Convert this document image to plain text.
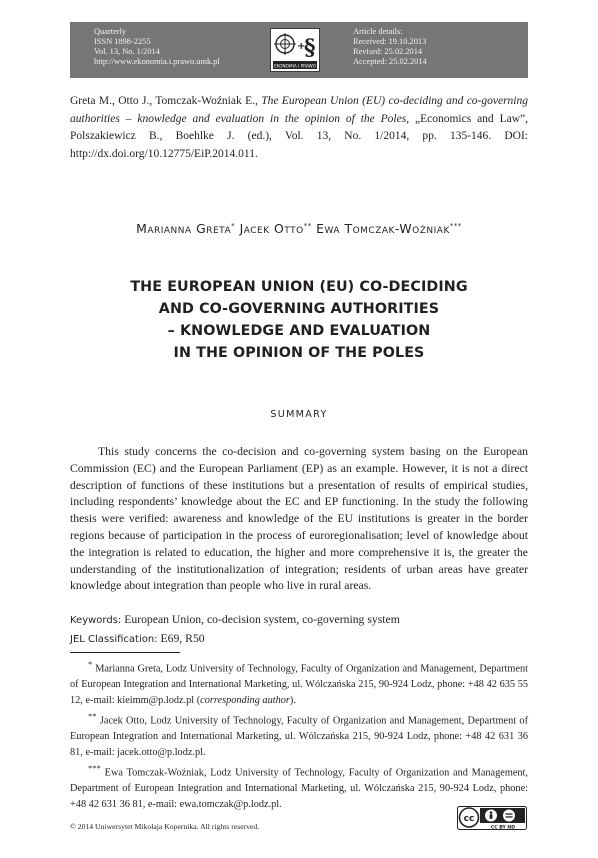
Quarterly
ISSN 1898-2255
Vol. 13, No. 1/2014
http://www.ekonomia.i.prawo.umk.pl
+
§
EKONOMIA I PRAWO
Article details:
Received: 19.10.2013
Revised: 25.02.2014
Accepted: 25.02.2014
Greta M., Otto J., Tomczak-Woźniak E., The European Union (EU) co-deciding and co-governing authorities – knowledge and evaluation in the opinion of the Poles, „Economics and Law”, Polszakiewicz B., Boehlke J. (ed.), Vol. 13, No. 1/2014, pp. 135-146. DOI: http://dx.doi.org/10.12775/EiP.2014.011.
Marianna Greta* Jacek Otto** Ewa Tomczak-Woźniak***
THE EUROPEAN UNION (EU) CO-DECIDING
AND CO-GOVERNING AUTHORITIES
– KNOWLEDGE AND EVALUATION
IN THE OPINION OF THE POLES
SUMMARY
This study concerns the co-decision and co-governing system basing on the European Commission (EC) and the European Parliament (EP) as an example. However, it is not a direct description of functions of these institutions but a presentation of results of empirical studies, including respondents’ knowledge about the EC and EP functioning. In the study the following thesis were verified: awareness and knowledge of the EU institutions is greater in the border regions because of participation in the process of euroregionalisation; level of knowledge about the integration is related to education, the higher and more comprehensive it is, the greater the understanding of the institutionalization of integration; residents of urban areas have greater knowledge about integration than people who live in rural areas.
Keywords: European Union, co-decision system, co-governing system
JEL Classification: E69, R50
* Marianna Greta, Lodz University of Technology, Faculty of Organization and Management, Department of European Integration and International Marketing, ul. Wólczańska 215, 90-924 Lodz, phone: +48 42 635 55 12, e-mail: kieimm@p.lodz.pl (corresponding author).
** Jacek Otto, Lodz University of Technology, Faculty of Organization and Management, Department of European Integration and International Marketing, ul. Wólczańska 215, 90-924 Lodz, phone: +48 42 631 36 81, e-mail: jacek.otto@p.lodz.pl.
*** Ewa Tomczak-Woźniak, Lodz University of Technology, Faculty of Organization and Management, Department of European Integration and International Marketing, ul. Wólczańska 215, 90-924 Lodz, phone: +48 42 631 36 81, e-mail: ewa.tomczak@p.lodz.pl.
© 2014 Uniwersytet Mikołaja Kopernika. All rights reserved.
cc
CC BY ND
